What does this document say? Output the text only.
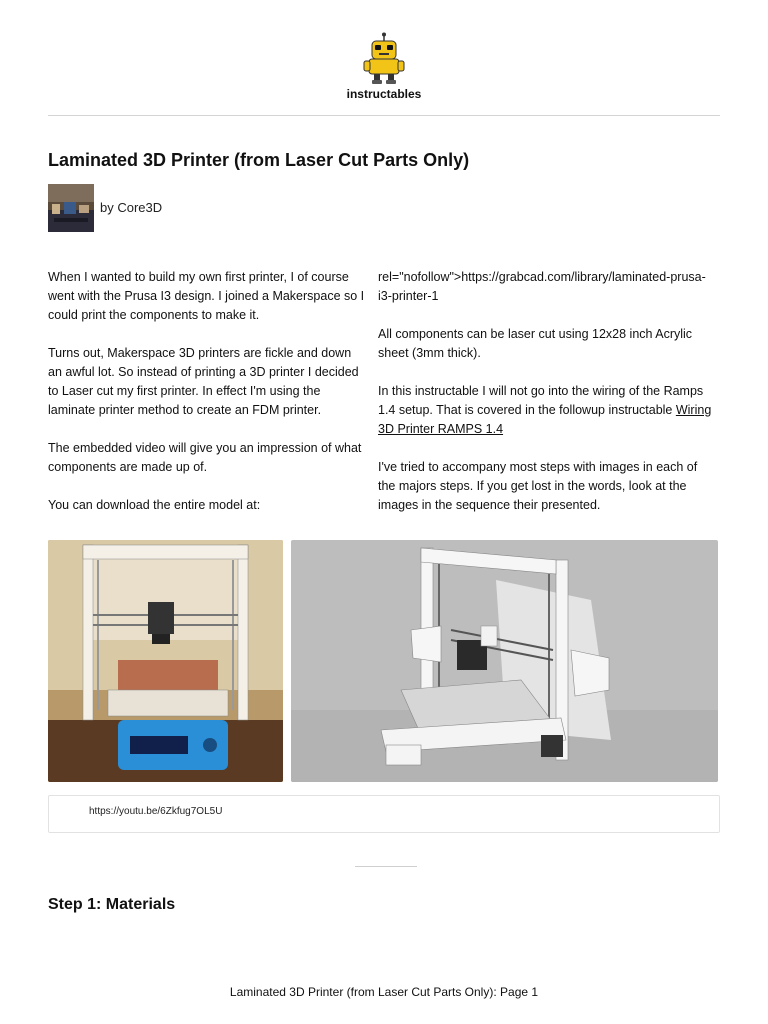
instructables
Laminated 3D Printer (from Laser Cut Parts Only)
by Core3D

When I wanted to build my own first printer, I of course went with the Prusa I3 design. I joined a Makerspace so I could print the components to make it.

Turns out, Makerspace 3D printers are fickle and down an awful lot. So instead of printing a 3D printer I decided to Laser cut my first printer. In effect I'm using the laminate printer method to create an FDM printer.

The embedded video will give you an impression of what components are made up of.

You can download the entire model at:

rel="nofollow">https://grabcad.com/library/laminated-prusa-i3-printer-1

All components can be laser cut using 12x28 inch Acrylic sheet (3mm thick).

In this instructable I will not go into the wiring of the Ramps 1.4 setup. That is covered in the followup instructable Wiring 3D Printer RAMPS 1.4

I've tried to accompany most steps with images in each of the majors steps. If you get lost in the words, look at the images in the sequence their presented.

https://youtu.be/6Zkfug7OL5U
Step 1: Materials
Laminated 3D Printer (from Laser Cut Parts Only): Page 1
